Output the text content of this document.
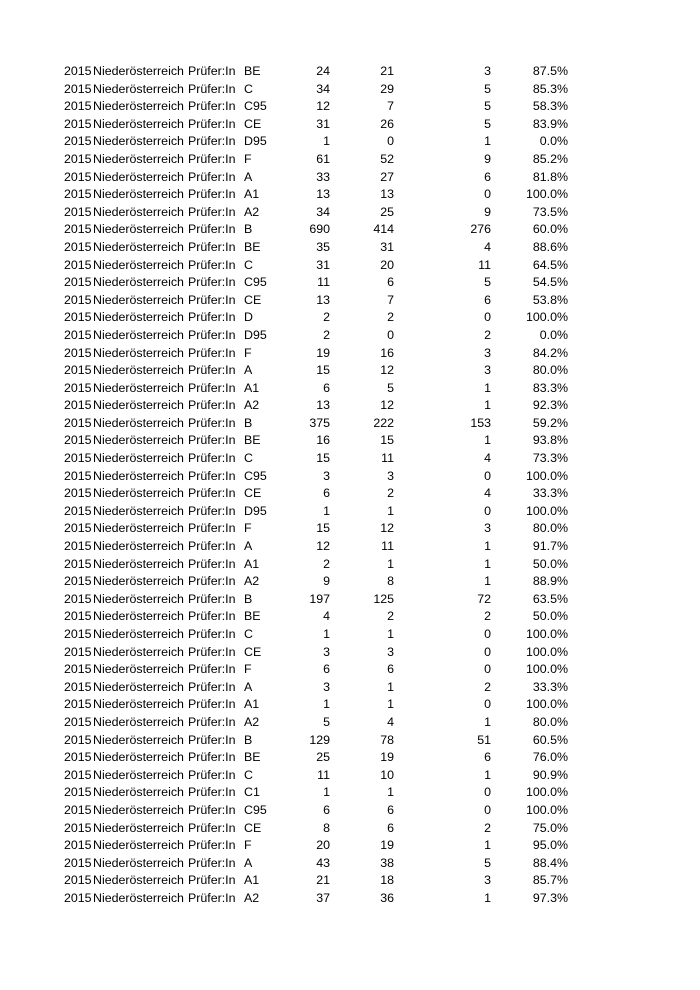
2015	Niederösterreich	Prüfer:In	BE	24	21	3	87.5%
2015	Niederösterreich	Prüfer:In	C	34	29	5	85.3%
2015	Niederösterreich	Prüfer:In	C95	12	7	5	58.3%
2015	Niederösterreich	Prüfer:In	CE	31	26	5	83.9%
2015	Niederösterreich	Prüfer:In	D95	1	0	1	0.0%
2015	Niederösterreich	Prüfer:In	F	61	52	9	85.2%
2015	Niederösterreich	Prüfer:In	A	33	27	6	81.8%
2015	Niederösterreich	Prüfer:In	A1	13	13	0	100.0%
2015	Niederösterreich	Prüfer:In	A2	34	25	9	73.5%
2015	Niederösterreich	Prüfer:In	B	690	414	276	60.0%
2015	Niederösterreich	Prüfer:In	BE	35	31	4	88.6%
2015	Niederösterreich	Prüfer:In	C	31	20	11	64.5%
2015	Niederösterreich	Prüfer:In	C95	11	6	5	54.5%
2015	Niederösterreich	Prüfer:In	CE	13	7	6	53.8%
2015	Niederösterreich	Prüfer:In	D	2	2	0	100.0%
2015	Niederösterreich	Prüfer:In	D95	2	0	2	0.0%
2015	Niederösterreich	Prüfer:In	F	19	16	3	84.2%
2015	Niederösterreich	Prüfer:In	A	15	12	3	80.0%
2015	Niederösterreich	Prüfer:In	A1	6	5	1	83.3%
2015	Niederösterreich	Prüfer:In	A2	13	12	1	92.3%
2015	Niederösterreich	Prüfer:In	B	375	222	153	59.2%
2015	Niederösterreich	Prüfer:In	BE	16	15	1	93.8%
2015	Niederösterreich	Prüfer:In	C	15	11	4	73.3%
2015	Niederösterreich	Prüfer:In	C95	3	3	0	100.0%
2015	Niederösterreich	Prüfer:In	CE	6	2	4	33.3%
2015	Niederösterreich	Prüfer:In	D95	1	1	0	100.0%
2015	Niederösterreich	Prüfer:In	F	15	12	3	80.0%
2015	Niederösterreich	Prüfer:In	A	12	11	1	91.7%
2015	Niederösterreich	Prüfer:In	A1	2	1	1	50.0%
2015	Niederösterreich	Prüfer:In	A2	9	8	1	88.9%
2015	Niederösterreich	Prüfer:In	B	197	125	72	63.5%
2015	Niederösterreich	Prüfer:In	BE	4	2	2	50.0%
2015	Niederösterreich	Prüfer:In	C	1	1	0	100.0%
2015	Niederösterreich	Prüfer:In	CE	3	3	0	100.0%
2015	Niederösterreich	Prüfer:In	F	6	6	0	100.0%
2015	Niederösterreich	Prüfer:In	A	3	1	2	33.3%
2015	Niederösterreich	Prüfer:In	A1	1	1	0	100.0%
2015	Niederösterreich	Prüfer:In	A2	5	4	1	80.0%
2015	Niederösterreich	Prüfer:In	B	129	78	51	60.5%
2015	Niederösterreich	Prüfer:In	BE	25	19	6	76.0%
2015	Niederösterreich	Prüfer:In	C	11	10	1	90.9%
2015	Niederösterreich	Prüfer:In	C1	1	1	0	100.0%
2015	Niederösterreich	Prüfer:In	C95	6	6	0	100.0%
2015	Niederösterreich	Prüfer:In	CE	8	6	2	75.0%
2015	Niederösterreich	Prüfer:In	F	20	19	1	95.0%
2015	Niederösterreich	Prüfer:In	A	43	38	5	88.4%
2015	Niederösterreich	Prüfer:In	A1	21	18	3	85.7%
2015	Niederösterreich	Prüfer:In	A2	37	36	1	97.3%
